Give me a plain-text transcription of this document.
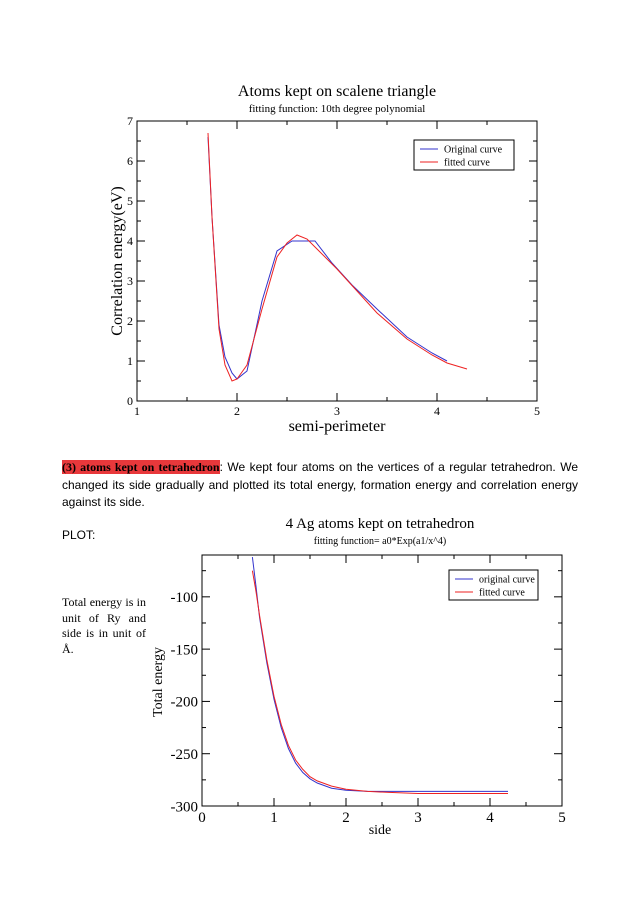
Atoms kept on scalene triangle
fitting function: 10th degree polynomial
semi-perimeter
Correlation energy(eV)
1	2	3	4	5
0
1
2
3
4
5
6
7
Original curve
fitted curve
(3) atoms kept on tetrahedron: We kept four atoms on the vertices of a regular tetrahedron. We changed its side gradually and plotted its total energy, formation energy and correlation energy against its side.
PLOT:
Total energy is in unit of Ry and side is in unit of Å.
4 Ag atoms kept on tetrahedron
fitting function= a0*Exp(a1/x^4)
side
Total energy
0	1	2	3	4	5
-300
-250
-200
-150
-100
original curve
fitted curve
